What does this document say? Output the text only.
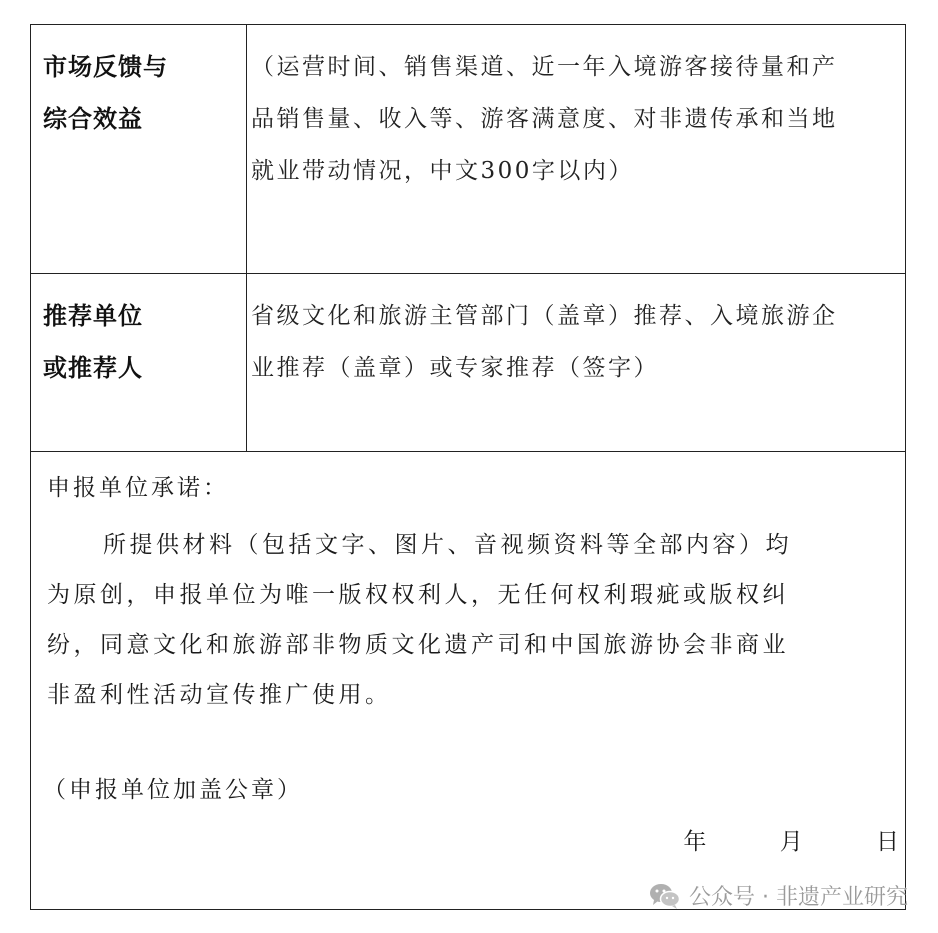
市场反馈与
综合效益
（运营时间、销售渠道、近一年入境游客接待量和产
品销售量、收入等、游客满意度、对非遗传承和当地
就业带动情况，中文300字以内）
推荐单位
或推荐人
省级文化和旅游主管部门（盖章）推荐、入境旅游企
业推荐（盖章）或专家推荐（签字）
申报单位承诺：
所提供材料（包括文字、图片、音视频资料等全部内容）均
为原创，申报单位为唯一版权权利人，无任何权利瑕疵或版权纠
纷，同意文化和旅游部非物质文化遗产司和中国旅游协会非商业
非盈利性活动宣传推广使用。
（申报单位加盖公章）
年	月	日
公众号 · 非遗产业研究
